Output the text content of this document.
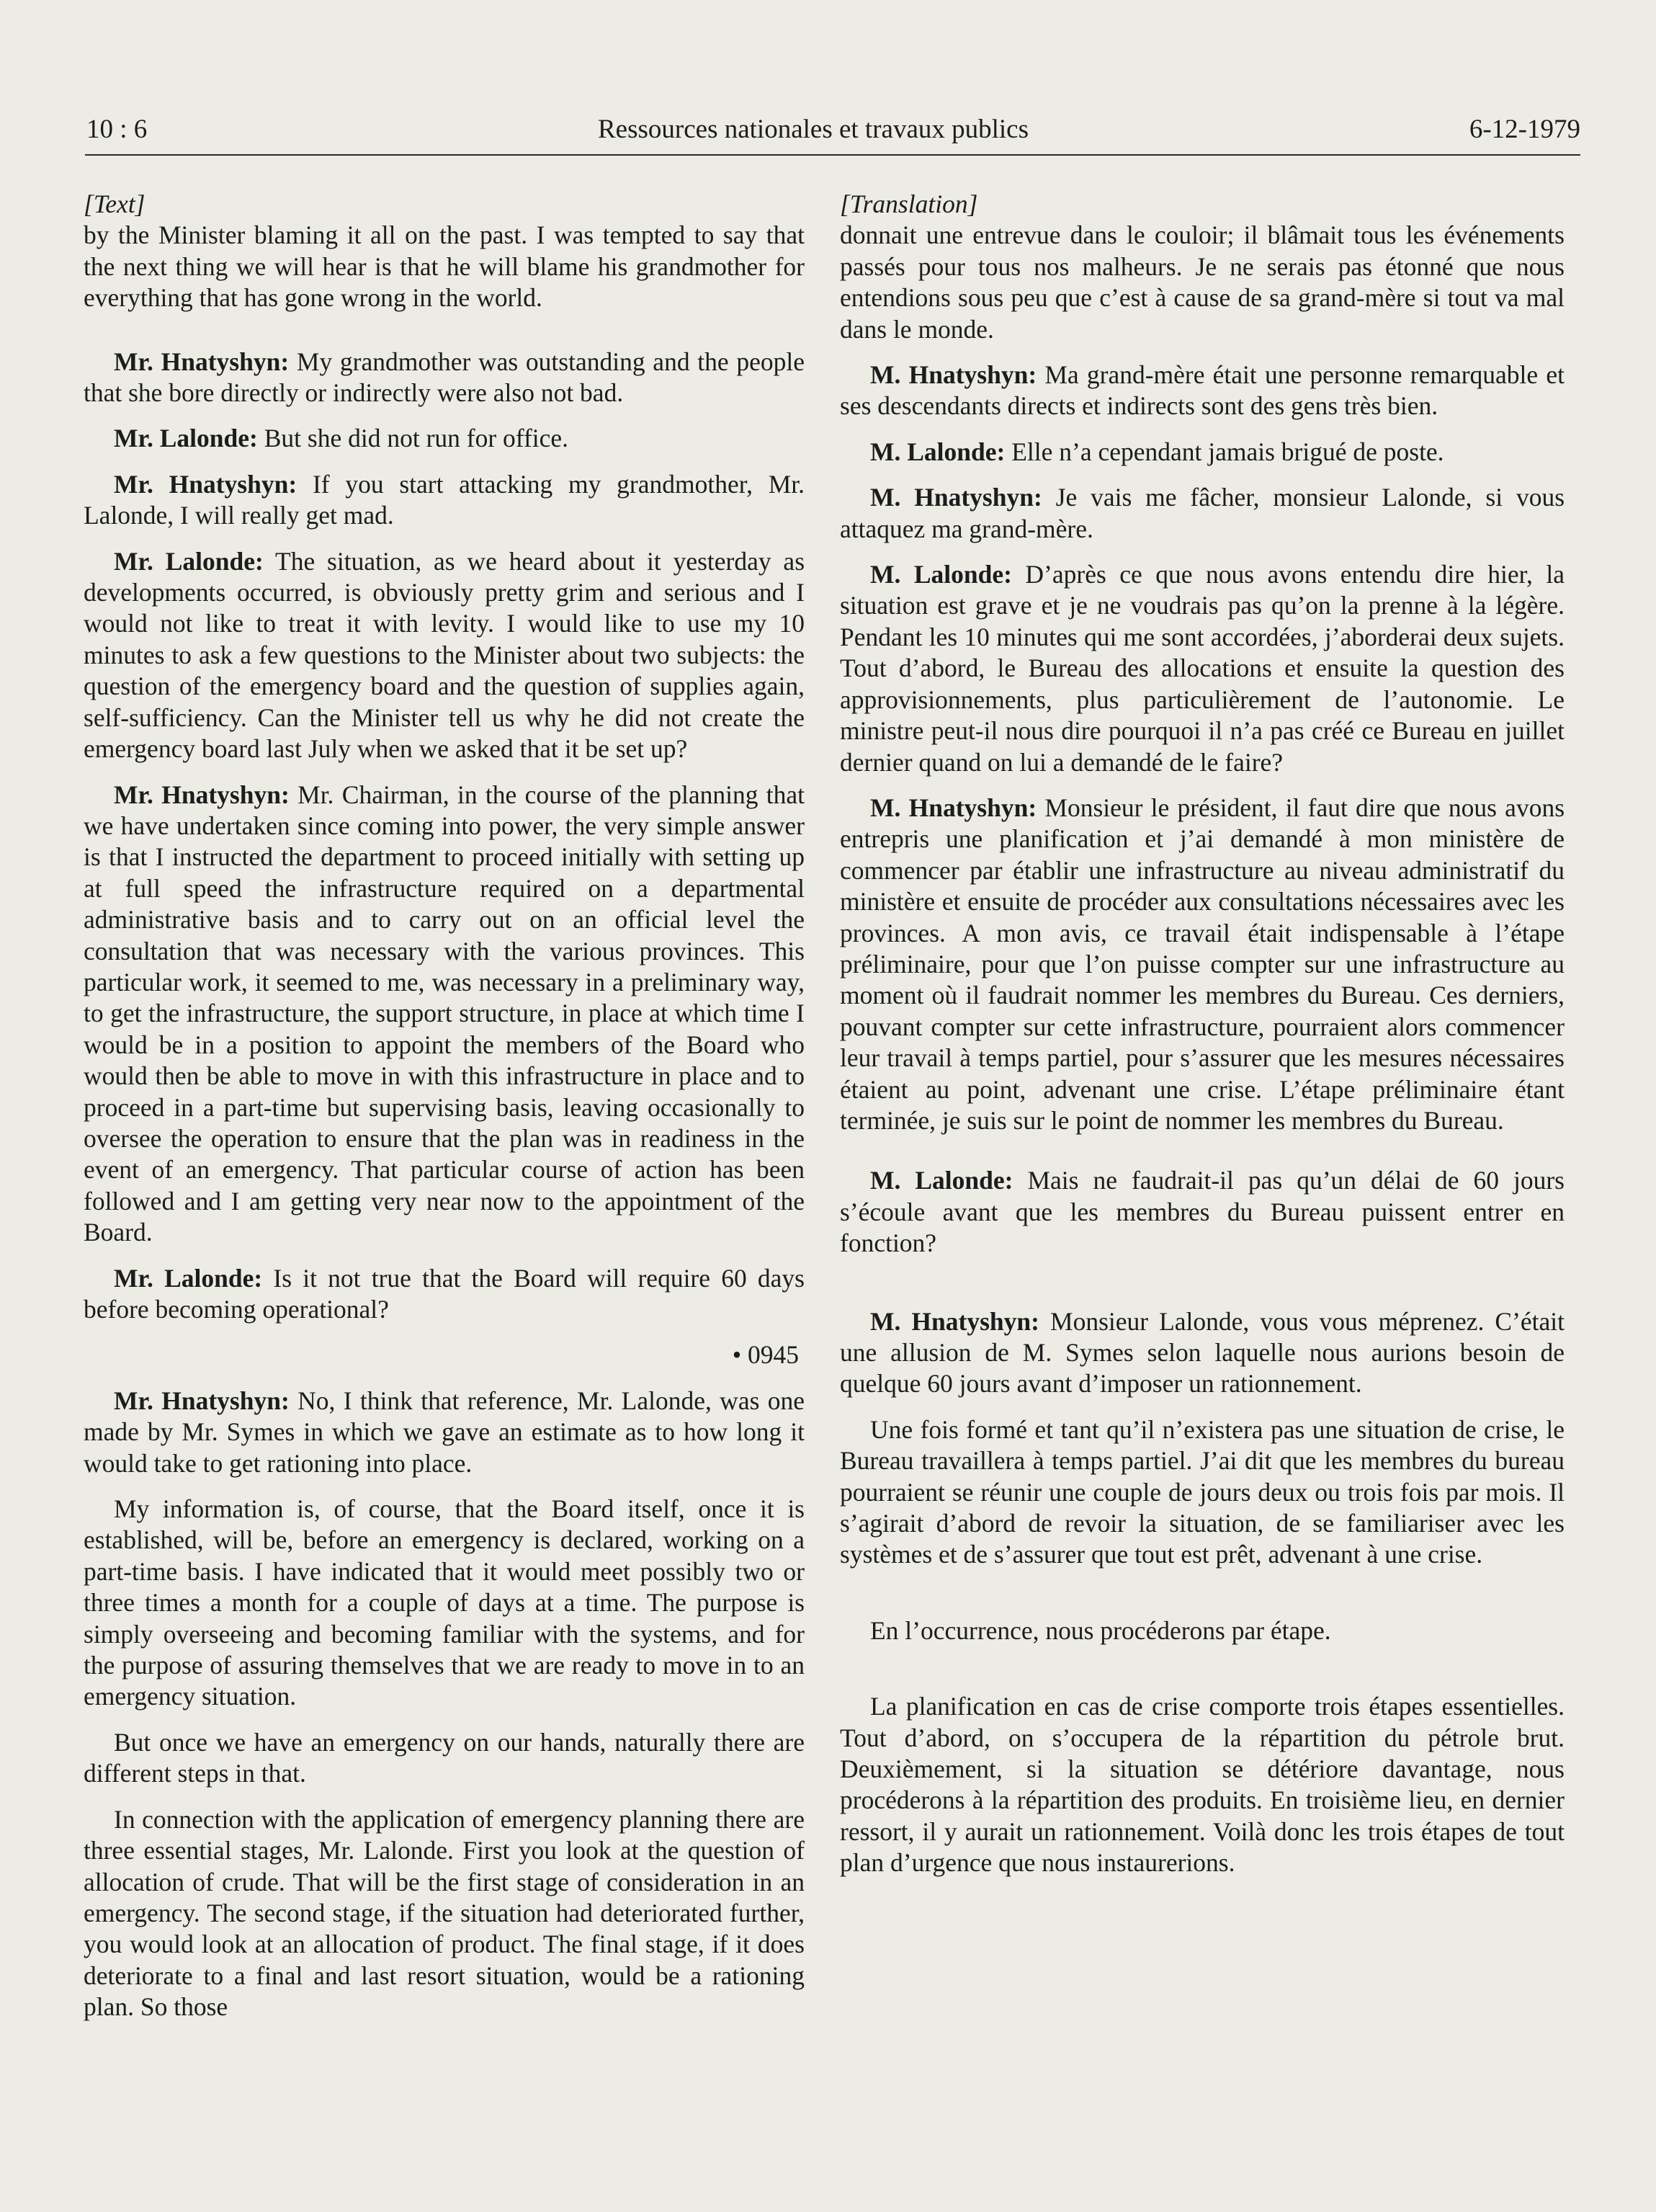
10 : 6	Ressources nationales et travaux publics	6-12-1979

[Text]

by the Minister blaming it all on the past. I was tempted to say that the next thing we will hear is that he will blame his grandmother for everything that has gone wrong in the world.

Mr. Hnatyshyn: My grandmother was outstanding and the people that she bore directly or indirectly were also not bad.

Mr. Lalonde: But she did not run for office.

Mr. Hnatyshyn: If you start attacking my grandmother, Mr. Lalonde, I will really get mad.

Mr. Lalonde: The situation, as we heard about it yesterday as developments occurred, is obviously pretty grim and serious and I would not like to treat it with levity. I would like to use my 10 minutes to ask a few questions to the Minister about two subjects: the question of the emergency board and the question of supplies again, self-sufficiency. Can the Minister tell us why he did not create the emergency board last July when we asked that it be set up?

Mr. Hnatyshyn: Mr. Chairman, in the course of the planning that we have undertaken since coming into power, the very simple answer is that I instructed the department to proceed initially with setting up at full speed the infrastructure required on a departmental administrative basis and to carry out on an official level the consultation that was necessary with the various provinces. This particular work, it seemed to me, was necessary in a preliminary way, to get the infrastructure, the support structure, in place at which time I would be in a position to appoint the members of the Board who would then be able to move in with this infrastructure in place and to proceed in a part-time but supervising basis, leaving occasionally to oversee the operation to ensure that the plan was in readiness in the event of an emergency. That particular course of action has been followed and I am getting very near now to the appointment of the Board.

Mr. Lalonde: Is it not true that the Board will require 60 days before becoming operational?

• 0945

Mr. Hnatyshyn: No, I think that reference, Mr. Lalonde, was one made by Mr. Symes in which we gave an estimate as to how long it would take to get rationing into place.

My information is, of course, that the Board itself, once it is established, will be, before an emergency is declared, working on a part-time basis. I have indicated that it would meet possibly two or three times a month for a couple of days at a time. The purpose is simply overseeing and becoming familiar with the systems, and for the purpose of assuring themselves that we are ready to move in to an emergency situation.

But once we have an emergency on our hands, naturally there are different steps in that.

In connection with the application of emergency planning there are three essential stages, Mr. Lalonde. First you look at the question of allocation of crude. That will be the first stage of consideration in an emergency. The second stage, if the situation had deteriorated further, you would look at an allocation of product. The final stage, if it does deteriorate to a final and last resort situation, would be a rationing plan. So those

[Translation]

donnait une entrevue dans le couloir; il blâmait tous les événements passés pour tous nos malheurs. Je ne serais pas étonné que nous entendions sous peu que c’est à cause de sa grand-mère si tout va mal dans le monde.

M. Hnatyshyn: Ma grand-mère était une personne remarquable et ses descendants directs et indirects sont des gens très bien.

M. Lalonde: Elle n’a cependant jamais brigué de poste.

M. Hnatyshyn: Je vais me fâcher, monsieur Lalonde, si vous attaquez ma grand-mère.

M. Lalonde: D’après ce que nous avons entendu dire hier, la situation est grave et je ne voudrais pas qu’on la prenne à la légère. Pendant les 10 minutes qui me sont accordées, j’aborderai deux sujets. Tout d’abord, le Bureau des allocations et ensuite la question des approvisionnements, plus particulièrement de l’autonomie. Le ministre peut-il nous dire pourquoi il n’a pas créé ce Bureau en juillet dernier quand on lui a demandé de le faire?

M. Hnatyshyn: Monsieur le président, il faut dire que nous avons entrepris une planification et j’ai demandé à mon ministère de commencer par établir une infrastructure au niveau administratif du ministère et ensuite de procéder aux consultations nécessaires avec les provinces. A mon avis, ce travail était indispensable à l’étape préliminaire, pour que l’on puisse compter sur une infrastructure au moment où il faudrait nommer les membres du Bureau. Ces derniers, pouvant compter sur cette infrastructure, pourraient alors commencer leur travail à temps partiel, pour s’assurer que les mesures nécessaires étaient au point, advenant une crise. L’étape préliminaire étant terminée, je suis sur le point de nommer les membres du Bureau.

M. Lalonde: Mais ne faudrait-il pas qu’un délai de 60 jours s’écoule avant que les membres du Bureau puissent entrer en fonction?

M. Hnatyshyn: Monsieur Lalonde, vous vous méprenez. C’était une allusion de M. Symes selon laquelle nous aurions besoin de quelque 60 jours avant d’imposer un rationnement.

Une fois formé et tant qu’il n’existera pas une situation de crise, le Bureau travaillera à temps partiel. J’ai dit que les membres du bureau pourraient se réunir une couple de jours deux ou trois fois par mois. Il s’agirait d’abord de revoir la situation, de se familiariser avec les systèmes et de s’assurer que tout est prêt, advenant à une crise.

En l’occurrence, nous procéderons par étape.

La planification en cas de crise comporte trois étapes essentielles. Tout d’abord, on s’occupera de la répartition du pétrole brut. Deuxièmement, si la situation se détériore davantage, nous procéderons à la répartition des produits. En troisième lieu, en dernier ressort, il y aurait un rationnement. Voilà donc les trois étapes de tout plan d’urgence que nous instaurerions.
